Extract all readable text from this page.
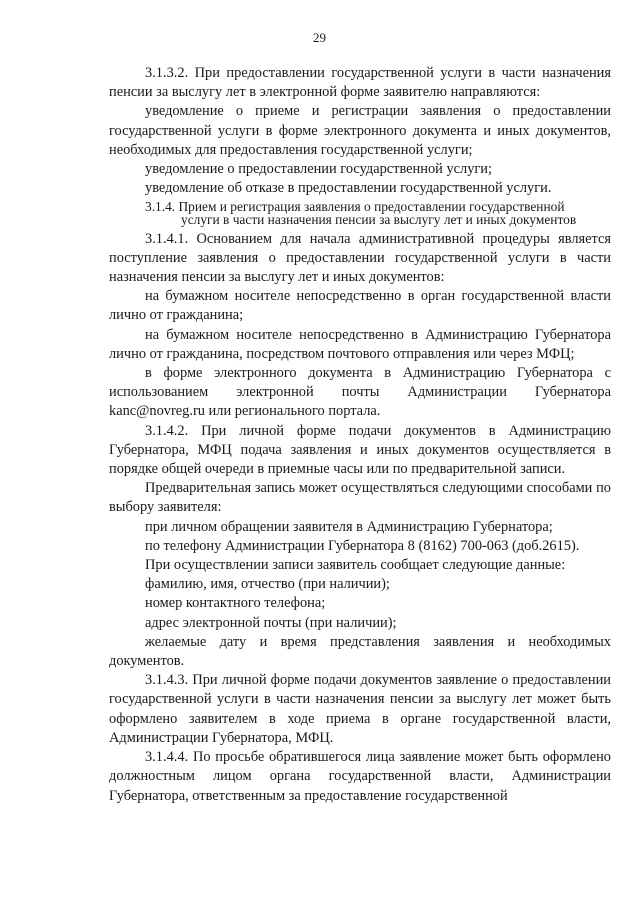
29

3.1.3.2. При предоставлении государственной услуги в части назначения пенсии за выслугу лет в электронной форме заявителю направляются:

уведомление о приеме и регистрации заявления о предоставлении государственной услуги в форме электронного документа и иных документов, необходимых для предоставления государственной услуги;

уведомление о предоставлении государственной услуги;

уведомление об отказе в предоставлении государственной услуги.

3.1.4. Прием и регистрация заявления о предоставлении государственной
услуги в части назначения пенсии за выслугу лет и иных документов

3.1.4.1. Основанием для начала административной процедуры является поступление заявления о предоставлении государственной услуги в части назначения пенсии за выслугу лет и иных документов:

на бумажном носителе непосредственно в орган государственной власти лично от гражданина;

на бумажном носителе непосредственно в Администрацию Губернатора лично от гражданина, посредством почтового отправления или через МФЦ;

в форме электронного документа в Администрацию Губернатора с использованием электронной почты Администрации Губернатора kanc@novreg.ru или регионального портала.

3.1.4.2. При личной форме подачи документов в Администрацию Губернатора, МФЦ подача заявления и иных документов осуществляется в порядке общей очереди в приемные часы или по предварительной записи.

Предварительная запись может осуществляться следующими способами по выбору заявителя:

при личном обращении заявителя в Администрацию Губернатора;

по телефону Администрации Губернатора 8 (8162) 700-063 (доб.2615).

При осуществлении записи заявитель сообщает следующие данные:

фамилию, имя, отчество (при наличии);

номер контактного телефона;

адрес электронной почты (при наличии);

желаемые дату и время представления заявления и необходимых документов.

3.1.4.3. При личной форме подачи документов заявление о предоставлении государственной услуги в части назначения пенсии за выслугу лет может быть оформлено заявителем в ходе приема в органе государственной власти, Администрации Губернатора, МФЦ.

3.1.4.4. По просьбе обратившегося лица заявление может быть оформлено должностным лицом органа государственной власти, Администрации Губернатора, ответственным за предоставление государственной
